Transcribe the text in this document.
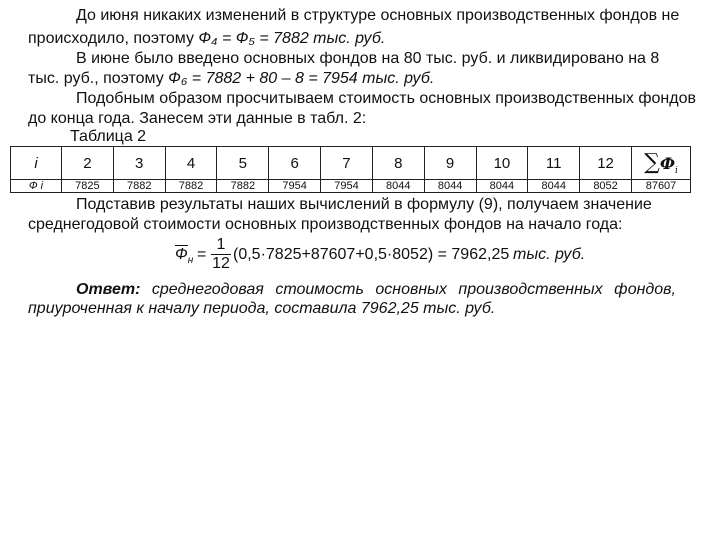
До июня никаких изменений в структуре основных производственных фондов не

происходило, поэтому Ф₄ = Ф₅ = 7882 тыс. руб.

В июне было введено основных фондов на 80 тыс. руб. и ликвидировано на 8

тыс. руб., поэтому Ф₆ = 7882 + 80 – 8 = 7954 тыс. руб.

Подобным образом просчитываем стоимость основных производственных фондов

до конца года. Занесем эти данные в табл. 2:

Таблица 2
i	2	3	4	5	6	7	8	9	10	11	12	$\sum Ф_i$
Ф i	7825	7882	7882	7882	7954	7954	8044	8044	8044	8044	8052	87607

Подставив результаты наших вычислений в формулу (9), получаем значение

среднегодовой стоимости основных производственных фондов на начало года:

$Ф_н$ =
1
12
(0,5·7825+87607+0,5·8052) = 7962,25 тыс. руб.
Ответ: среднегодовая стоимость основных производственных фондов,

приуроченная к началу периода, составила 7962,25 тыс. руб.
